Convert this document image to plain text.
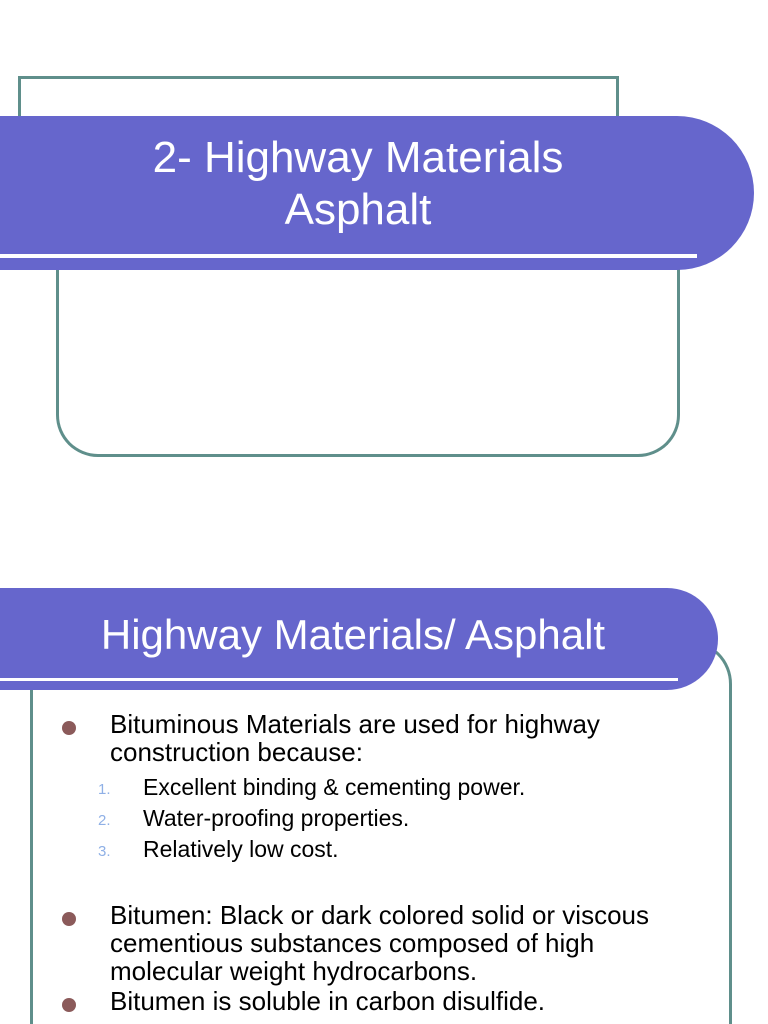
2- Highway Materials
Asphalt
Highway Materials/ Asphalt
Bituminous Materials are used for highway construction because:
1. Excellent binding & cementing power.
2. Water-proofing properties.
3. Relatively low cost.
Bitumen: Black or dark colored solid or viscous cementious substances composed of high molecular weight hydrocarbons.
Bitumen is soluble in carbon disulfide.
